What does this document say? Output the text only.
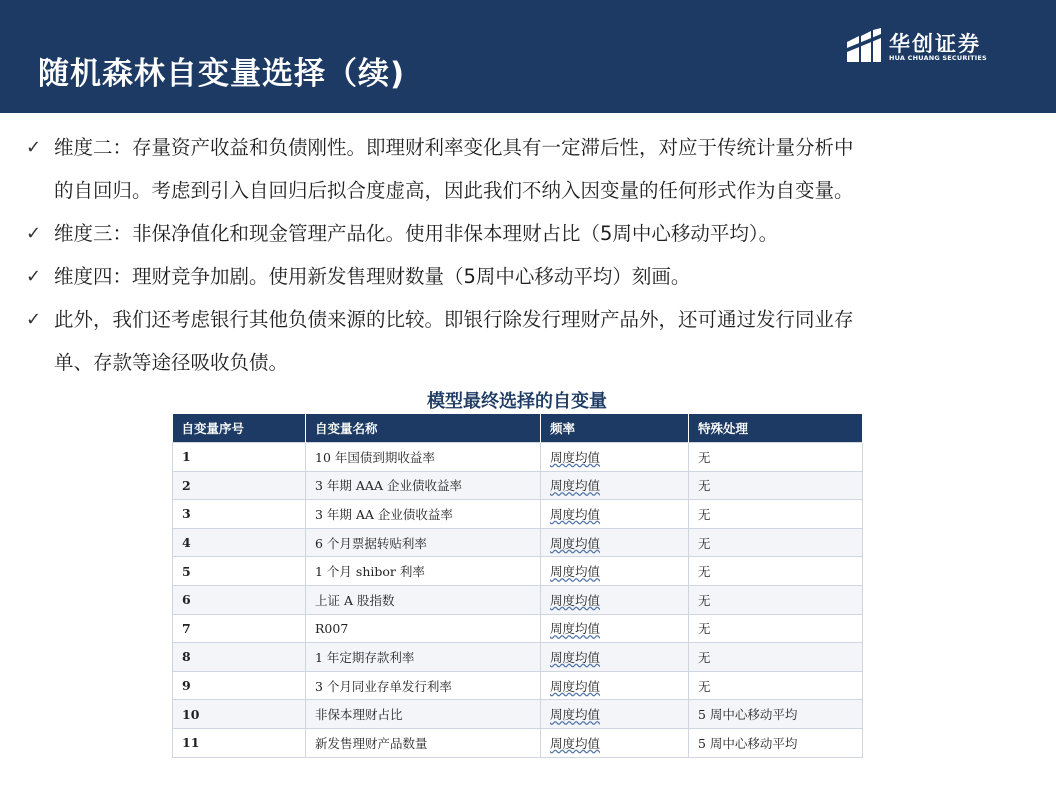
随机森林自变量选择（续)
华创证券
HUA CHUANG SECURITIES
✓ 维度二：存量资产收益和负债刚性。即理财利率变化具有一定滞后性，对应于传统计量分析中
的自回归。考虑到引入自回归后拟合度虚高，因此我们不纳入因变量的任何形式作为自变量。
✓ 维度三：非保净值化和现金管理产品化。使用非保本理财占比（5周中心移动平均）。
✓ 维度四：理财竞争加剧。使用新发售理财数量（5周中心移动平均）刻画。
✓ 此外，我们还考虑银行其他负债来源的比较。即银行除发行理财产品外，还可通过发行同业存
单、存款等途径吸收负债。
模型最终选择的自变量
自变量序号	自变量名称	频率	特殊处理
1	10 年国债到期收益率	周度均值	无
2	3 年期 AAA 企业债收益率	周度均值	无
3	3 年期 AA 企业债收益率	周度均值	无
4	6 个月票据转贴利率	周度均值	无
5	1 个月 shibor 利率	周度均值	无
6	上证 A 股指数	周度均值	无
7	R007	周度均值	无
8	1 年定期存款利率	周度均值	无
9	3 个月同业存单发行利率	周度均值	无
10	非保本理财占比	周度均值	5 周中心移动平均
11	新发售理财产品数量	周度均值	5 周中心移动平均
